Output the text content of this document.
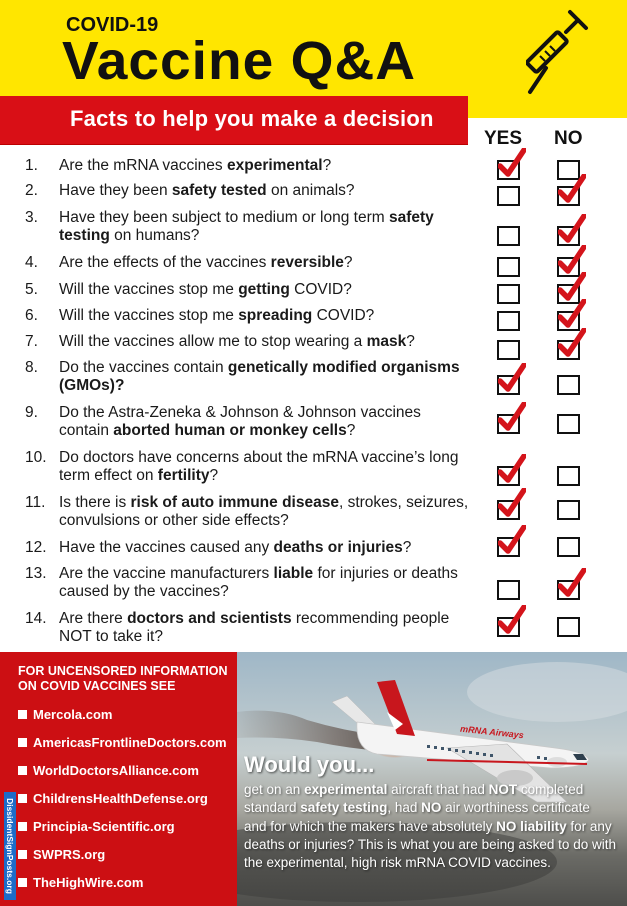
COVID-19
Vaccine Q&A
Facts to help you make a decision
YES NO
1. Are the mRNA vaccines experimental?
2. Have they been safety tested on animals?
3. Have they been subject to medium or long term safety testing on humans?
4. Are the effects of the vaccines reversible?
5. Will the vaccines stop me getting COVID?
6. Will the vaccines stop me spreading COVID?
7. Will the vaccines allow me to stop wearing a mask?
8. Do the vaccines contain genetically modified organisms (GMOs)?
9. Do the Astra-Zeneka & Johnson & Johnson vaccines contain aborted human or monkey cells?
10. Do doctors have concerns about the mRNA vaccine’s long term effect on fertility?
11. Is there is risk of auto immune disease, strokes, seizures, convulsions or other side effects?
12. Have the vaccines caused any deaths or injuries?
13. Are the vaccine manufacturers liable for injuries or deaths caused by the vaccines?
14. Are there doctors and scientists recommending people NOT to take it?
FOR UNCENSORED INFORMATION ON COVID VACCINES SEE
Mercola.com
AmericasFrontlineDoctors.com
WorldDoctorsAlliance.com
ChildrensHealthDefense.org
Principia-Scientific.org
SWPRS.org
TheHighWire.com
DissidentSignPosts.org
Would you...
get on an experimental aircraft that had NOT completed standard safety testing, had NO air worthiness certificate and for which the makers have absolutely NO liability for any deaths or injuries? This is what you are being asked to do with the experimental, high risk mRNA COVID vaccines.
mRNA Airways
